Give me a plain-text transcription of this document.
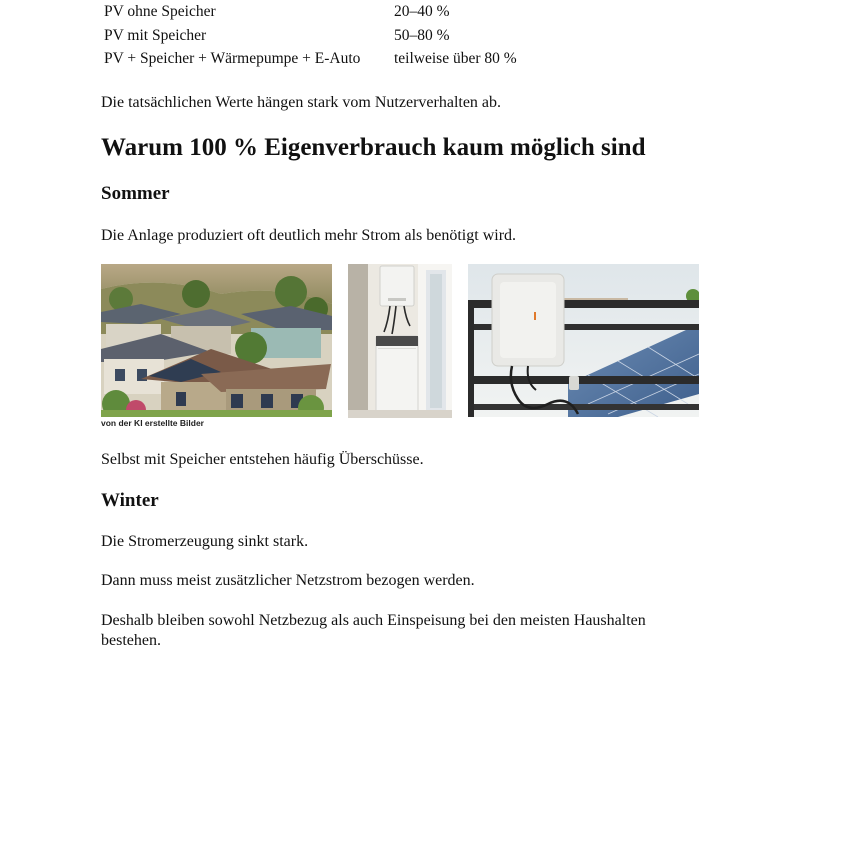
PV ohne Speicher	20–40 %
PV mit Speicher	50–80 %
PV + Speicher + Wärmepumpe + E-Auto	teilweise über 80 %

Die tatsächlichen Werte hängen stark vom Nutzerverhalten ab.

Warum 100 % Eigenverbrauch kaum möglich sind
Sommer

Die Anlage produziert oft deutlich mehr Strom als benötigt wird.

von der KI erstellte Bilder

Selbst mit Speicher entstehen häufig Überschüsse.

Winter

Die Stromerzeugung sinkt stark.

Dann muss meist zusätzlicher Netzstrom bezogen werden.

Deshalb bleiben sowohl Netzbezug als auch Einspeisung bei den meisten Haushalten

bestehen.
